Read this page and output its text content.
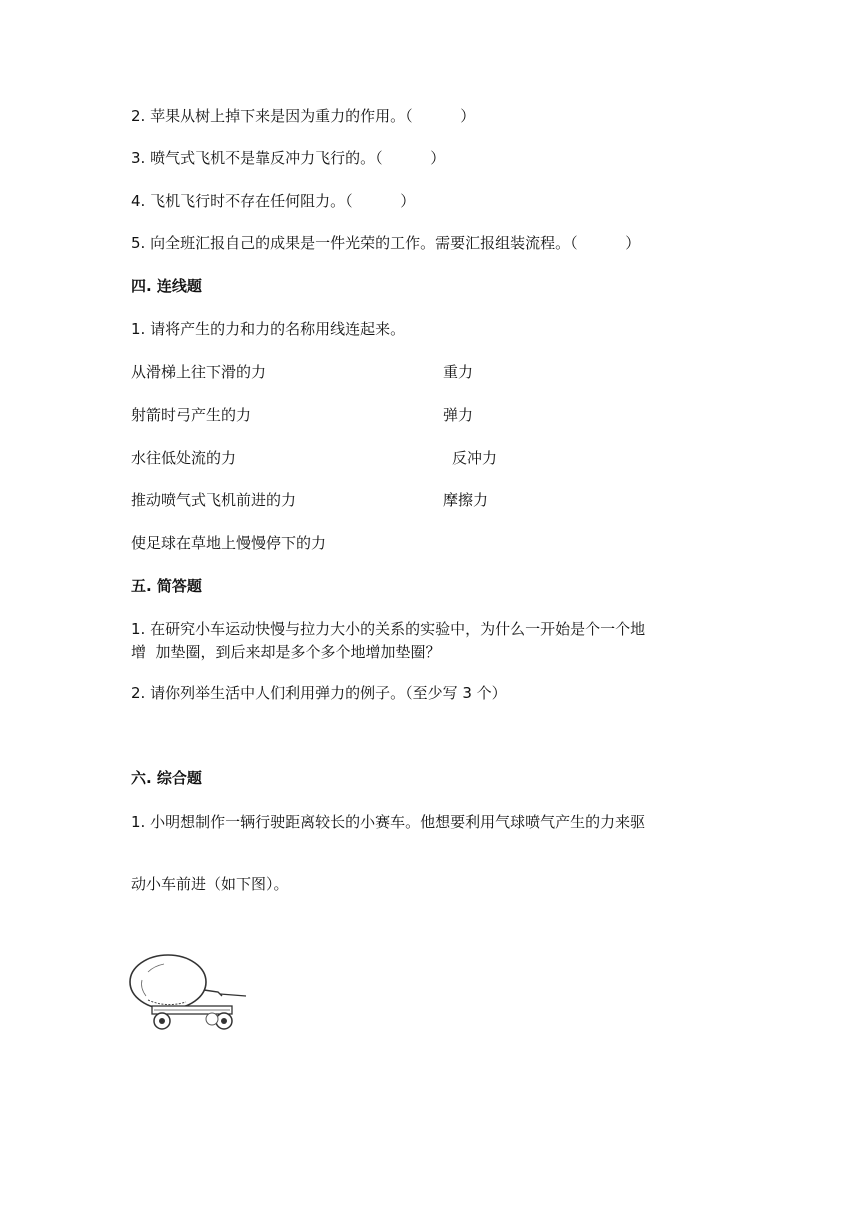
2. 苹果从树上掉下来是因为重力的作用。（          ）
3. 喷气式飞机不是靠反冲力飞行的。（          ）
4. 飞机飞行时不存在任何阻力。（          ）
5. 向全班汇报自己的成果是一件光荣的工作。需要汇报组装流程。（          ）
四. 连线题
1. 请将产生的力和力的名称用线连起来。
从滑梯上往下滑的力
射箭时弓产生的力
水往低处流的力
推动喷气式飞机前进的力
使足球在草地上慢慢停下的力
重力
弹力
反冲力
摩擦力
五. 简答题
1. 在研究小车运动快慢与拉力大小的关系的实验中，为什么一开始是个一个地
增  加垫圈，到后来却是多个多个地增加垫圈？
2. 请你列举生活中人们利用弹力的例子。（至少写 3 个）
六. 综合题
1. 小明想制作一辆行驶距离较长的小赛车。他想要利用气球喷气产生的力来驱
动小车前进（如下图）。
